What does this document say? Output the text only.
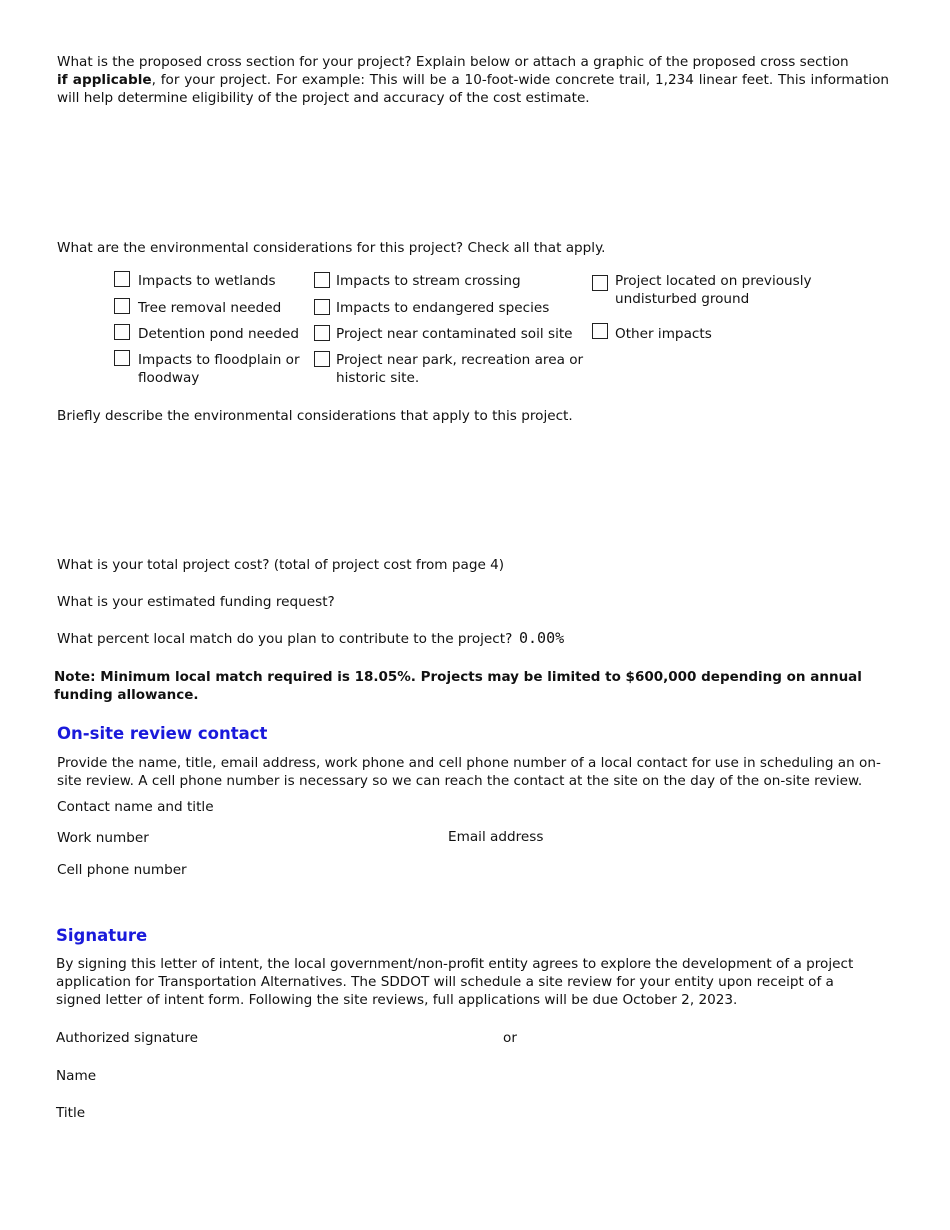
What is the proposed cross section for your project? Explain below or attach a graphic of the proposed cross section
if applicable, for your project. For example: This will be a 10-foot-wide concrete trail, 1,234 linear feet. This information will help determine eligibility of the project and accuracy of the cost estimate.
What are the environmental considerations for this project? Check all that apply.
Impacts to wetlands
Tree removal needed
Detention pond needed
Impacts to floodplain or floodway
Impacts to stream crossing
Impacts to endangered species
Project near contaminated soil site
Project near park, recreation area or historic site.
Project located on previously undisturbed ground
Other impacts
Briefly describe the environmental considerations that apply to this project.
What is your total project cost? (total of project cost from page 4)
What is your estimated funding request?
What percent local match do you plan to contribute to the project? 0.00%
Note: Minimum local match required is 18.05%. Projects may be limited to $600,000 depending on annual funding allowance.
On-site review contact
Provide the name, title, email address, work phone and cell phone number of a local contact for use in scheduling an on-site review. A cell phone number is necessary so we can reach the contact at the site on the day of the on-site review.
Contact name and title
Work number	Email address
Cell phone number
Signature
By signing this letter of intent, the local government/non-profit entity agrees to explore the development of a project application for Transportation Alternatives. The SDDOT will schedule a site review for your entity upon receipt of a signed letter of intent form. Following the site reviews, full applications will be due October 2, 2023.
Authorized signature	or
Name
Title
